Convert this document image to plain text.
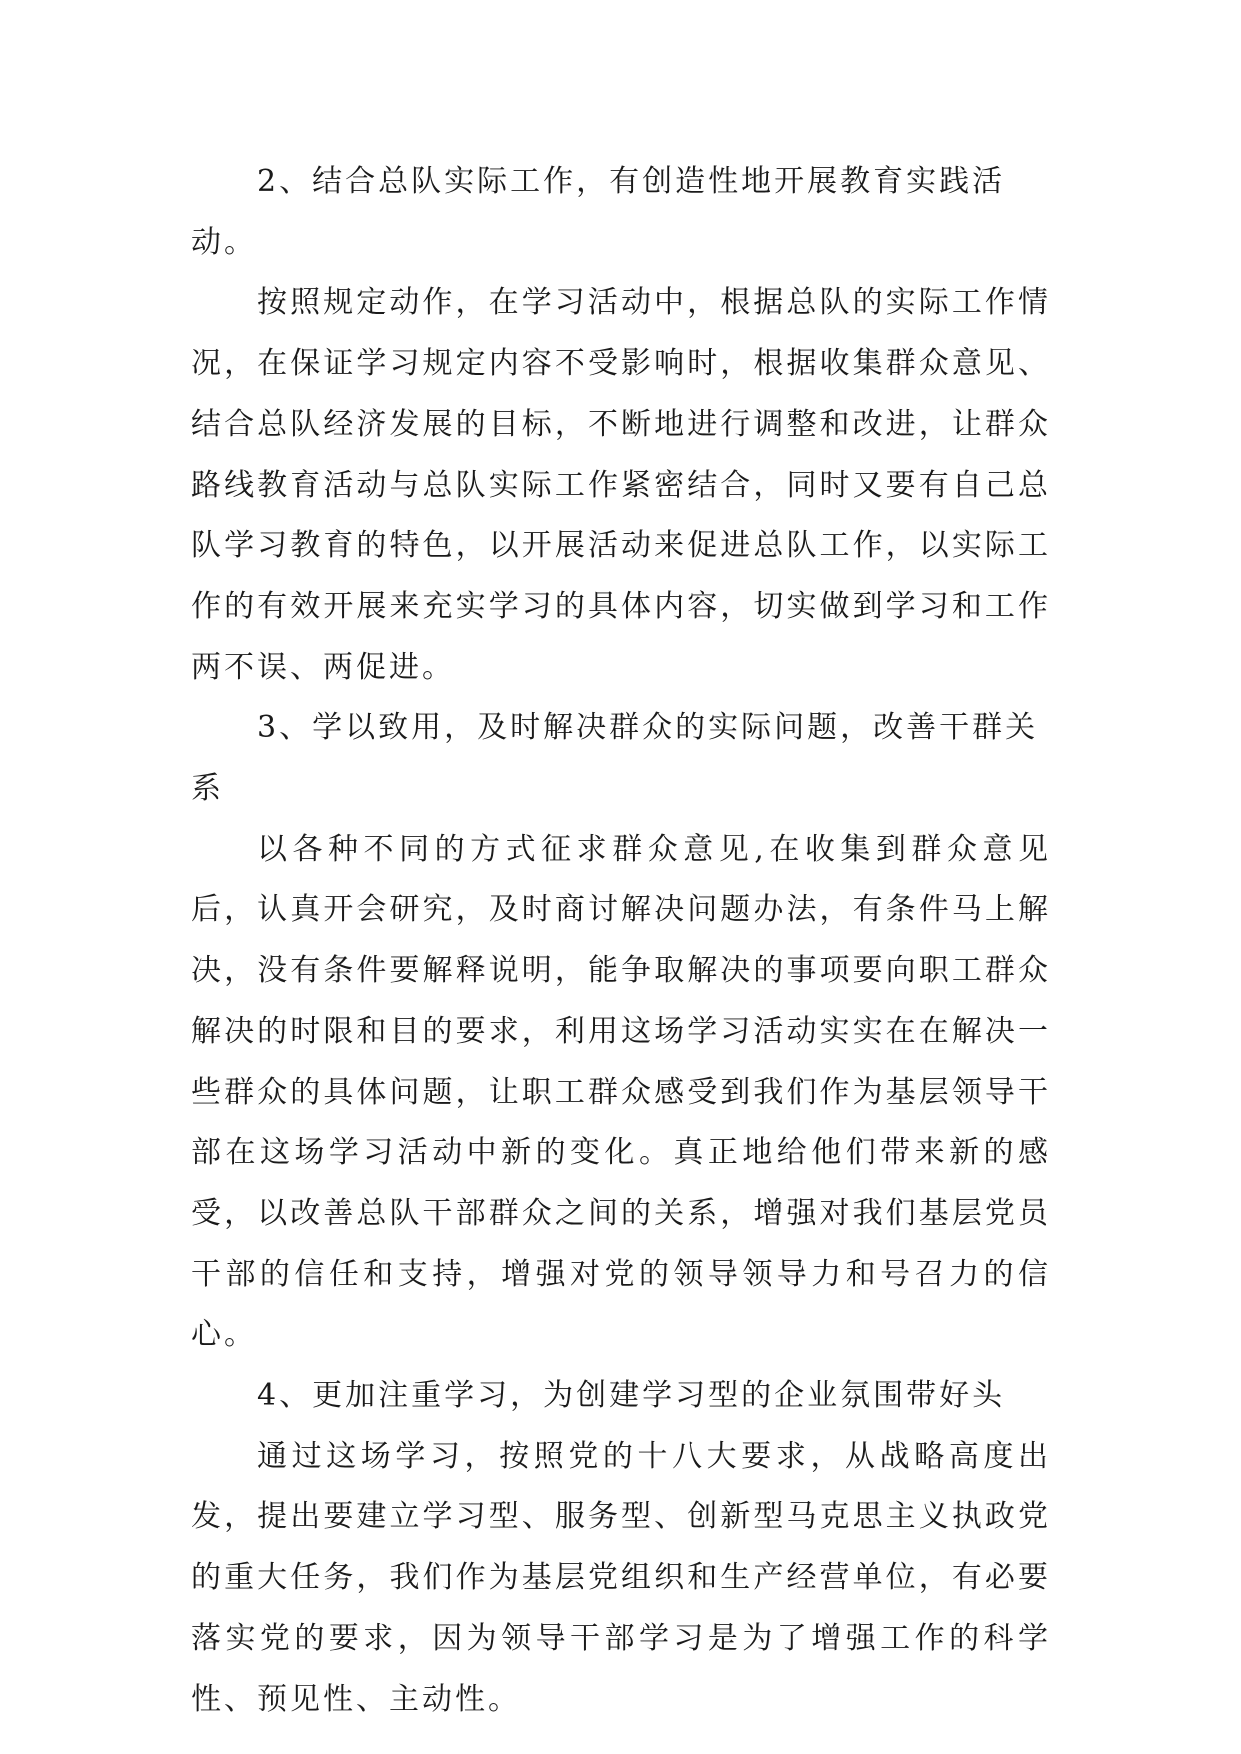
2、结合总队实际工作，有创造性地开展教育实践活动。

按照规定动作，在学习活动中，根据总队的实际工作情况，在保证学习规定内容不受影响时，根据收集群众意见、结合总队经济发展的目标，不断地进行调整和改进，让群众路线教育活动与总队实际工作紧密结合，同时又要有自己总队学习教育的特色，以开展活动来促进总队工作，以实际工作的有效开展来充实学习的具体内容，切实做到学习和工作两不误、两促进。

3、学以致用，及时解决群众的实际问题，改善干群关系

以各种不同的方式征求群众意见,在收集到群众意见后，认真开会研究，及时商讨解决问题办法，有条件马上解决，没有条件要解释说明，能争取解决的事项要向职工群众解决的时限和目的要求，利用这场学习活动实实在在解决一些群众的具体问题，让职工群众感受到我们作为基层领导干部在这场学习活动中新的变化。真正地给他们带来新的感受，以改善总队干部群众之间的关系，增强对我们基层党员干部的信任和支持，增强对党的领导领导力和号召力的信心。

4、更加注重学习，为创建学习型的企业氛围带好头

通过这场学习，按照党的十八大要求，从战略高度出发，提出要建立学习型、服务型、创新型马克思主义执政党的重大任务，我们作为基层党组织和生产经营单位，有必要落实党的要求，因为领导干部学习是为了增强工作的科学性、预见性、主动性。
